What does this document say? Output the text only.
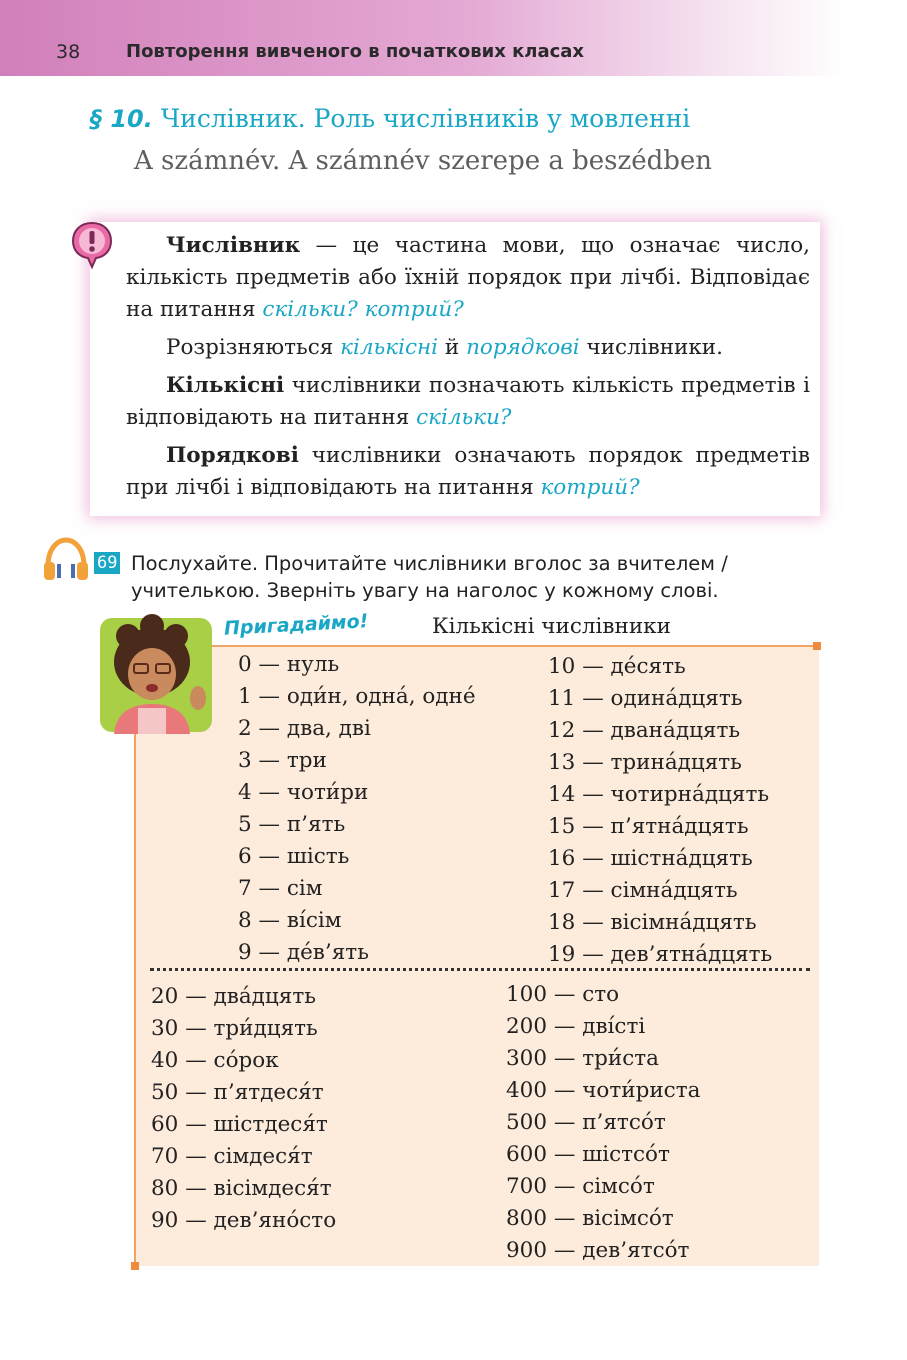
38	Повторення вивченого в початкових класах
§ 10. Числівник. Роль числівників у мовленні
A számnév. A számnév szerepe a beszédben

Числівник — це частина мови, що означає число, кількість предметів або їхній порядок при лічбі. Відповідає на питання скільки? котрий?

Розрізняються кількісні й порядкові числівники.

Кількісні числівники позначають кількість предметів і відповідають на питання скільки?

Порядкові числівники означають порядок предметів при лічбі і відповідають на питання котрий?

69 Послухайте. Прочитайте числівники вголос за вчителем / учителькою. Зверніть увагу на наголос у кожному слові.
Пригадаймо!	Кількісні числівники
0 — нуль
1 — оди́н, одна́, одне́
2 — два, дві
3 — три
4 — чоти́ри
5 — п’ять
6 — шість
7 — сім
8 — ві́сім
9 — де́в’ять
10 — де́сять
11 — одина́дцять
12 — двана́дцять
13 — трина́дцять
14 — чотирна́дцять
15 — п’ятна́дцять
16 — шістна́дцять
17 — сімна́дцять
18 — вісімна́дцять
19 — дев’ятна́дцять
20 — два́дцять
30 — три́дцять
40 — со́рок
50 — п’ятдеся́т
60 — шістдеся́т
70 — сімдеся́т
80 — вісімдеся́т
90 — дев’яно́сто
100 — сто
200 — дві́сті
300 — три́ста
400 — чоти́риста
500 — п’ятсо́т
600 — шістсо́т
700 — сімсо́т
800 — вісімсо́т
900 — дев’ятсо́т
